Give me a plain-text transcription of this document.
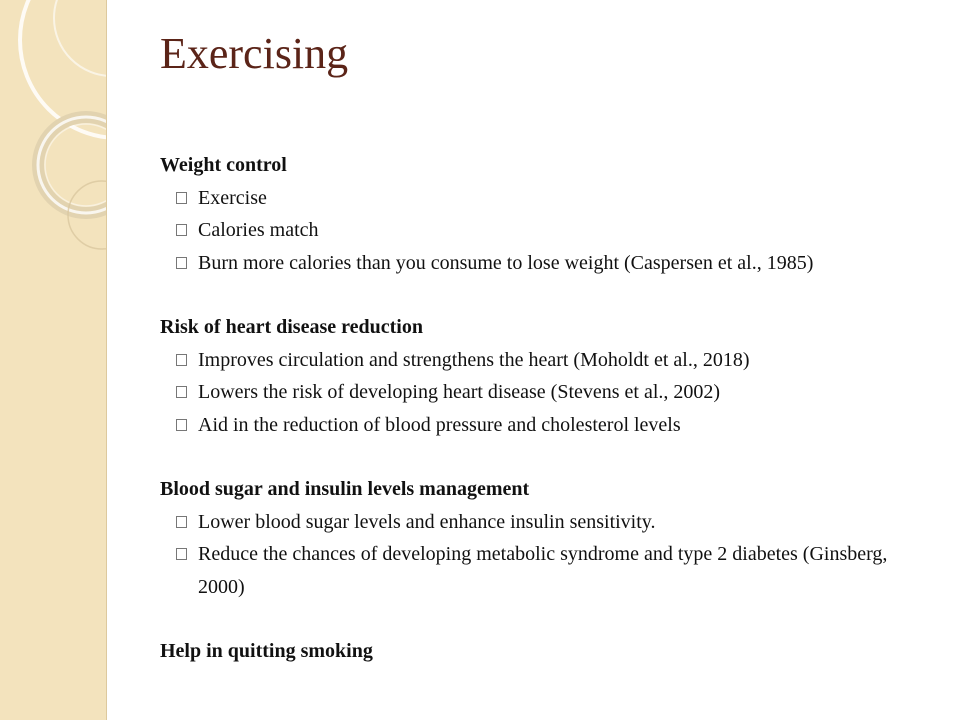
Exercising
Weight control
Exercise
Calories match
Burn more calories than you consume to lose weight (Caspersen et al., 1985)
Risk of heart disease reduction
Improves circulation and strengthens the heart (Moholdt et al., 2018)
Lowers the risk of developing heart disease (Stevens et al., 2002)
Aid in the reduction of blood pressure and cholesterol levels
Blood sugar and insulin levels management
Lower blood sugar levels and enhance insulin sensitivity.
Reduce the chances of developing metabolic syndrome and type 2 diabetes (Ginsberg, 2000)
Help in quitting smoking
